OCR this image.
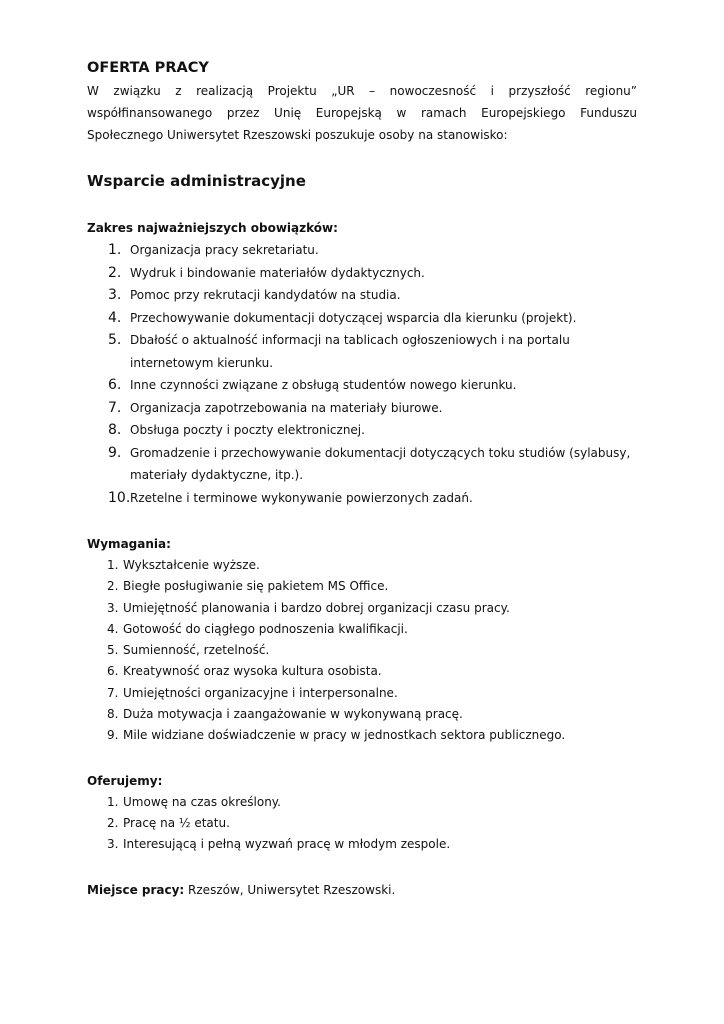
OFERTA PRACY

W związku z realizacją Projektu „UR – nowoczesność i przyszłość regionu” współfinansowanego przez Unię Europejską w ramach Europejskiego Funduszu Społecznego Uniwersytet Rzeszowski poszukuje osoby na stanowisko:

Wsparcie administracyjne
Zakres najważniejszych obowiązków:
1. Organizacja pracy sekretariatu.
2. Wydruk i bindowanie materiałów dydaktycznych.
3. Pomoc przy rekrutacji kandydatów na studia.
4. Przechowywanie dokumentacji dotyczącej wsparcia dla kierunku (projekt).
5. Dbałość o aktualność informacji na tablicach ogłoszeniowych i na portalu internetowym kierunku.
6. Inne czynności związane z obsługą studentów nowego kierunku.
7. Organizacja zapotrzebowania na materiały biurowe.
8. Obsługa poczty i poczty elektronicznej.
9. Gromadzenie i przechowywanie dokumentacji dotyczących toku studiów (sylabusy, materiały dydaktyczne, itp.).
10. Rzetelne i terminowe wykonywanie powierzonych zadań.
Wymagania:
1. Wykształcenie wyższe.
2. Biegłe posługiwanie się pakietem MS Office.
3. Umiejętność planowania i bardzo dobrej organizacji czasu pracy.
4. Gotowość do ciągłego podnoszenia kwalifikacji.
5. Sumienność, rzetelność.
6. Kreatywność oraz wysoka kultura osobista.
7. Umiejętności organizacyjne i interpersonalne.
8. Duża motywacja i zaangażowanie w wykonywaną pracę.
9. Mile widziane doświadczenie w pracy w jednostkach sektora publicznego.
Oferujemy:
1. Umowę na czas określony.
2. Pracę na ½ etatu.
3. Interesującą i pełną wyzwań pracę w młodym zespole.

Miejsce pracy: Rzeszów, Uniwersytet Rzeszowski.
